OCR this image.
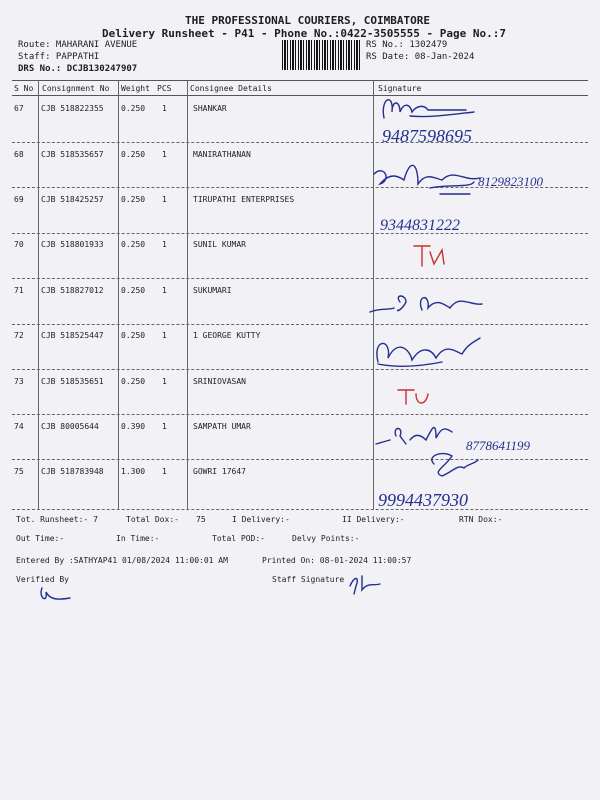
THE PROFESSIONAL COURIERS, COIMBATORE
Delivery Runsheet - P41 - Phone No.:0422-3505555 - Page No.:7
Route: MAHARANI AVENUE
Staff: PAPPATHI
DRS No.: DCJB130247907
RS No.: 1302479
RS Date: 08-Jan-2024
S No Consignment No Weight PCS Consignee Details	Signature
67 CJB 518822355 0.250 1	SHANKAR
68 CJB 518535657 0.250 1	MANIRATHANAN
69 CJB 518425257 0.250 1	TIRUPATHI ENTERPRISES
70 CJB 518801933 0.250 1	SUNIL KUMAR
71 CJB 518827012 0.250 1	SUKUMARI
72 CJB 518525447 0.250 1	1 GEORGE KUTTY
73 CJB 518535651 0.250 1	SRINIOVASAN
74 CJB 80005644	0.390 1	SAMPATH UMAR
75 CJB 518783948 1.300 1	GOWRI 17647
9487598695
8129823100
9344831222
8778641199
9994437930
Tot. Runsheet:- 7	Total Dox:- 75	I Delivery:-	II Delivery:-	RTN Dox:-
Out Time:-	In Time:-	Total POD:-	Delvy Points:-
Entered By :SATHYAP41 01/08/2024 11:00:01 AM	Printed On: 08-01-2024 11:00:57
Verified By	Staff Signature
